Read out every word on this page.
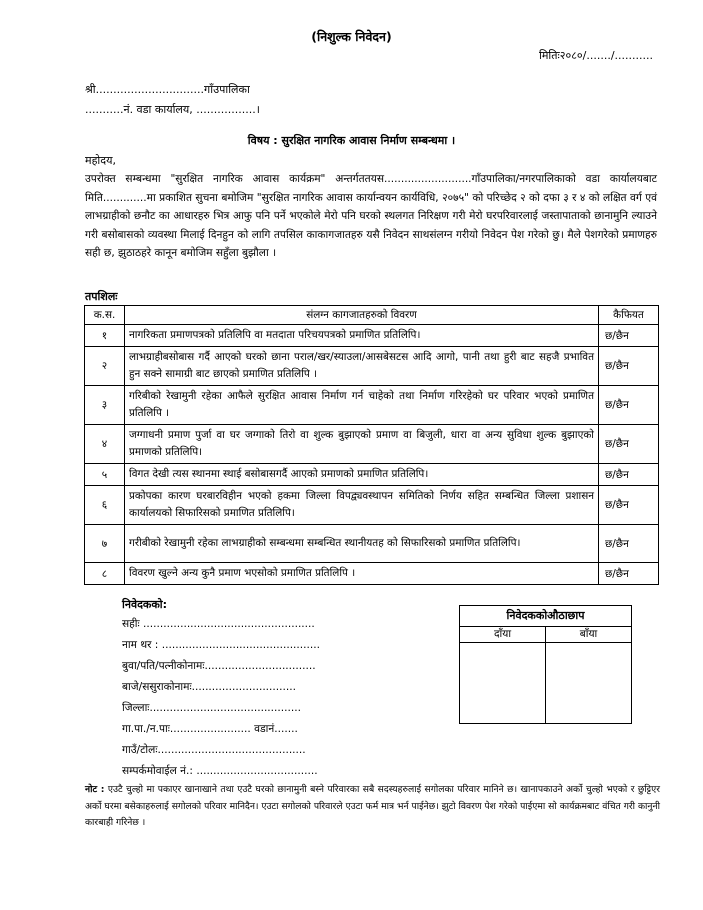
(निशुल्क निवेदन)
मितिः२०८०/......./...........
श्री...............................गाँउपालिका
...........नं. वडा कार्यालय, .................।
विषय : सुरक्षित नागरिक आवास निर्माण सम्बन्धमा ।
महोदय,
उपरोक्त सम्बन्धमा "सुरक्षित नागरिक आवास कार्यक्रम" अन्तर्गततयस..........................गाँउपालिका/नगरपालिकाको वडा कार्यालयबाट मिति.............मा प्रकाशित सुचना बमोजिम "सुरक्षित नागरिक आवास कार्यान्वयन कार्यविधि, २०७५" को परिच्छेद २ को दफा ३ र ४ को लक्षित वर्ग एवं लाभग्राहीको छनौट का आधारहरु भित्र आफु पनि पर्ने भएकोले मेरो पनि घरको स्थलगत निरिक्षण गरी मेरो घरपरिवारलाई जस्तापाताको छानामुनि ल्याउने गरी बसोबासको व्यवस्था मिलाई दिनहुन को लागि तपसिल काकागजातहरु यसै निवेदन साथसंलग्न गरीयो निवेदन पेश गरेको छु। मैले पेशगरेको प्रमाणहरु सही छ, झुठाठहरे कानून बमोजिम सहुँला बुझौला ।
तपशिलः
क.स.	संलग्न कागजातहरुको विवरण	कैफियत
१	नागरिकता प्रमाणपत्रको प्रतिलिपि वा मतदाता परिचयपत्रको प्रमाणित प्रतिलिपि।	छ/छैन
२	लाभग्राहीबसोबास गर्दै आएको घरको छाना पराल/खर/स्याउला/आसबेसटस आदि आगो, पानी तथा हुरी बाट सहजै प्रभावित हुन सक्ने सामाग्री बाट छाएको प्रमाणित प्रतिलिपि ।	छ/छैन
३	गरिबीको रेखामुनी रहेका आफैले सुरक्षित आवास निर्माण गर्न चाहेको तथा निर्माण गरिरहेको घर परिवार भएको प्रमाणित प्रतिलिपि ।	छ/छैन
४	जग्गाधनी प्रमाण पुर्जा वा घर जग्गाको तिरो वा शुल्क बुझाएको प्रमाण वा बिजुली, धारा वा अन्य सुविधा शुल्क बुझाएको प्रमाणको प्रतिलिपि।	छ/छैन
५	विगत देखी त्यस स्थानमा स्थाई बसोबासगर्दै आएको प्रमाणको प्रमाणित प्रतिलिपि।	छ/छैन
६	प्रकोपका कारण घरबारविहीन भएको हकमा जिल्ला विपद्व्यवस्थापन समितिको निर्णय सहित सम्बन्धित जिल्ला प्रशासन कार्यालयको सिफारिसको प्रमाणित प्रतिलिपि।	छ/छैन
७	गरीबीको रेखामुनी रहेका लाभग्राहीको सम्बन्धमा सम्बन्धित स्थानीयतह को सिफारिसको प्रमाणित प्रतिलिपि।	छ/छैन
८	विवरण खुल्ने अन्य कुनै प्रमाण भएसोको प्रमाणित प्रतिलिपि ।	छ/छैन
निवेदकको:
सहीः ...................................................
नाम थर : ...............................................
बुवा/पति/पत्नीकोनामः.................................
बाजे/ससुराकोनामः...............................
जिल्लाः.............................................
गा.पा./न.पाः........................ वडानं.......
गाउँ/टोलः............................................
सम्पर्कमोवाईल नं.: ....................................
निवेदककोऔठाछाप
दाँया	बाँया
नोट : एउटै चुल्हो मा पकाएर खानाखाने तथा एउटै घरको छानामुनी बस्ने परिवारका सबै सदस्यहरुलाई सगोलका परिवार मानिने छ। खानापकाउने अर्को चुल्हो भएको र छुट्टिएर अर्को घरमा बसेकाहरुलाई सगोलको परिवार मानिदैन। एउटा सगोलको परिवारले एउटा फर्म मात्र भर्न पाईनेछ। झुटो विवरण पेश गरेको पाईएमा सो कार्यक्रमबाट वंचित गरी कानुनी कारबाही गरिनेछ ।
